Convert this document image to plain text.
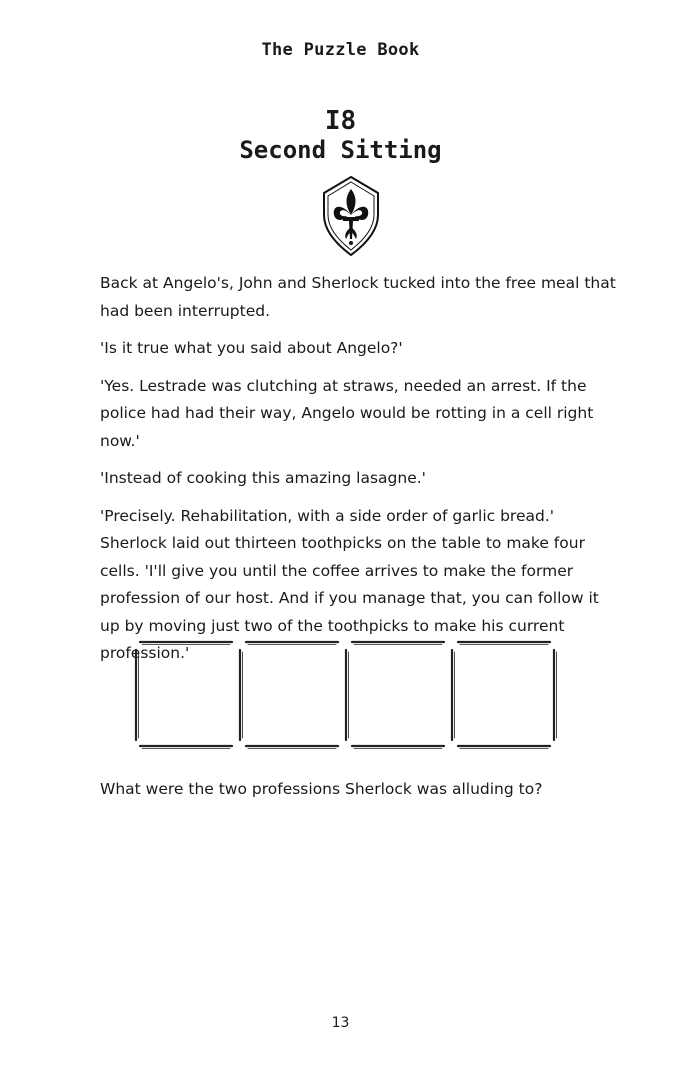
The Puzzle Book
I8
Second Sitting

Back at Angelo's, John and Sherlock tucked into the free meal that had been interrupted.

'Is it true what you said about Angelo?'

'Yes. Lestrade was clutching at straws, needed an arrest. If the police had had their way, Angelo would be rotting in a cell right now.'

'Instead of cooking this amazing lasagne.'

'Precisely. Rehabilitation, with a side order of garlic bread.' Sherlock laid out thirteen toothpicks on the table to make four cells. 'I'll give you until the coffee arrives to make the former profession of our host. And if you manage that, you can follow it up by moving just two of the toothpicks to make his current profession.'

What were the two professions Sherlock was alluding to?
13
